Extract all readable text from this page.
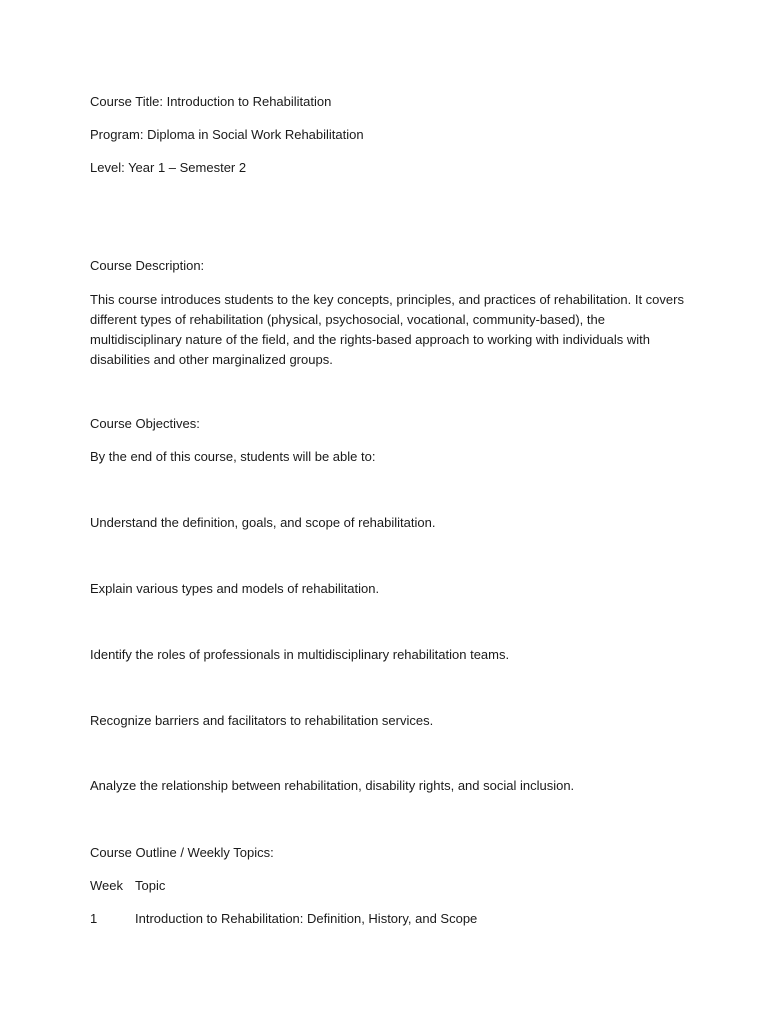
Course Title: Introduction to Rehabilitation
Program: Diploma in Social Work Rehabilitation
Level: Year 1 – Semester 2
Course Description:
This course introduces students to the key concepts, principles, and practices of rehabilitation. It covers
different types of rehabilitation (physical, psychosocial, vocational, community-based), the
multidisciplinary nature of the field, and the rights-based approach to working with individuals with
disabilities and other marginalized groups.
Course Objectives:
By the end of this course, students will be able to:
Understand the definition, goals, and scope of rehabilitation.
Explain various types and models of rehabilitation.
Identify the roles of professionals in multidisciplinary rehabilitation teams.
Recognize barriers and facilitators to rehabilitation services.
Analyze the relationship between rehabilitation, disability rights, and social inclusion.
Course Outline / Weekly Topics:
Week Topic
1	Introduction to Rehabilitation: Definition, History, and Scope
